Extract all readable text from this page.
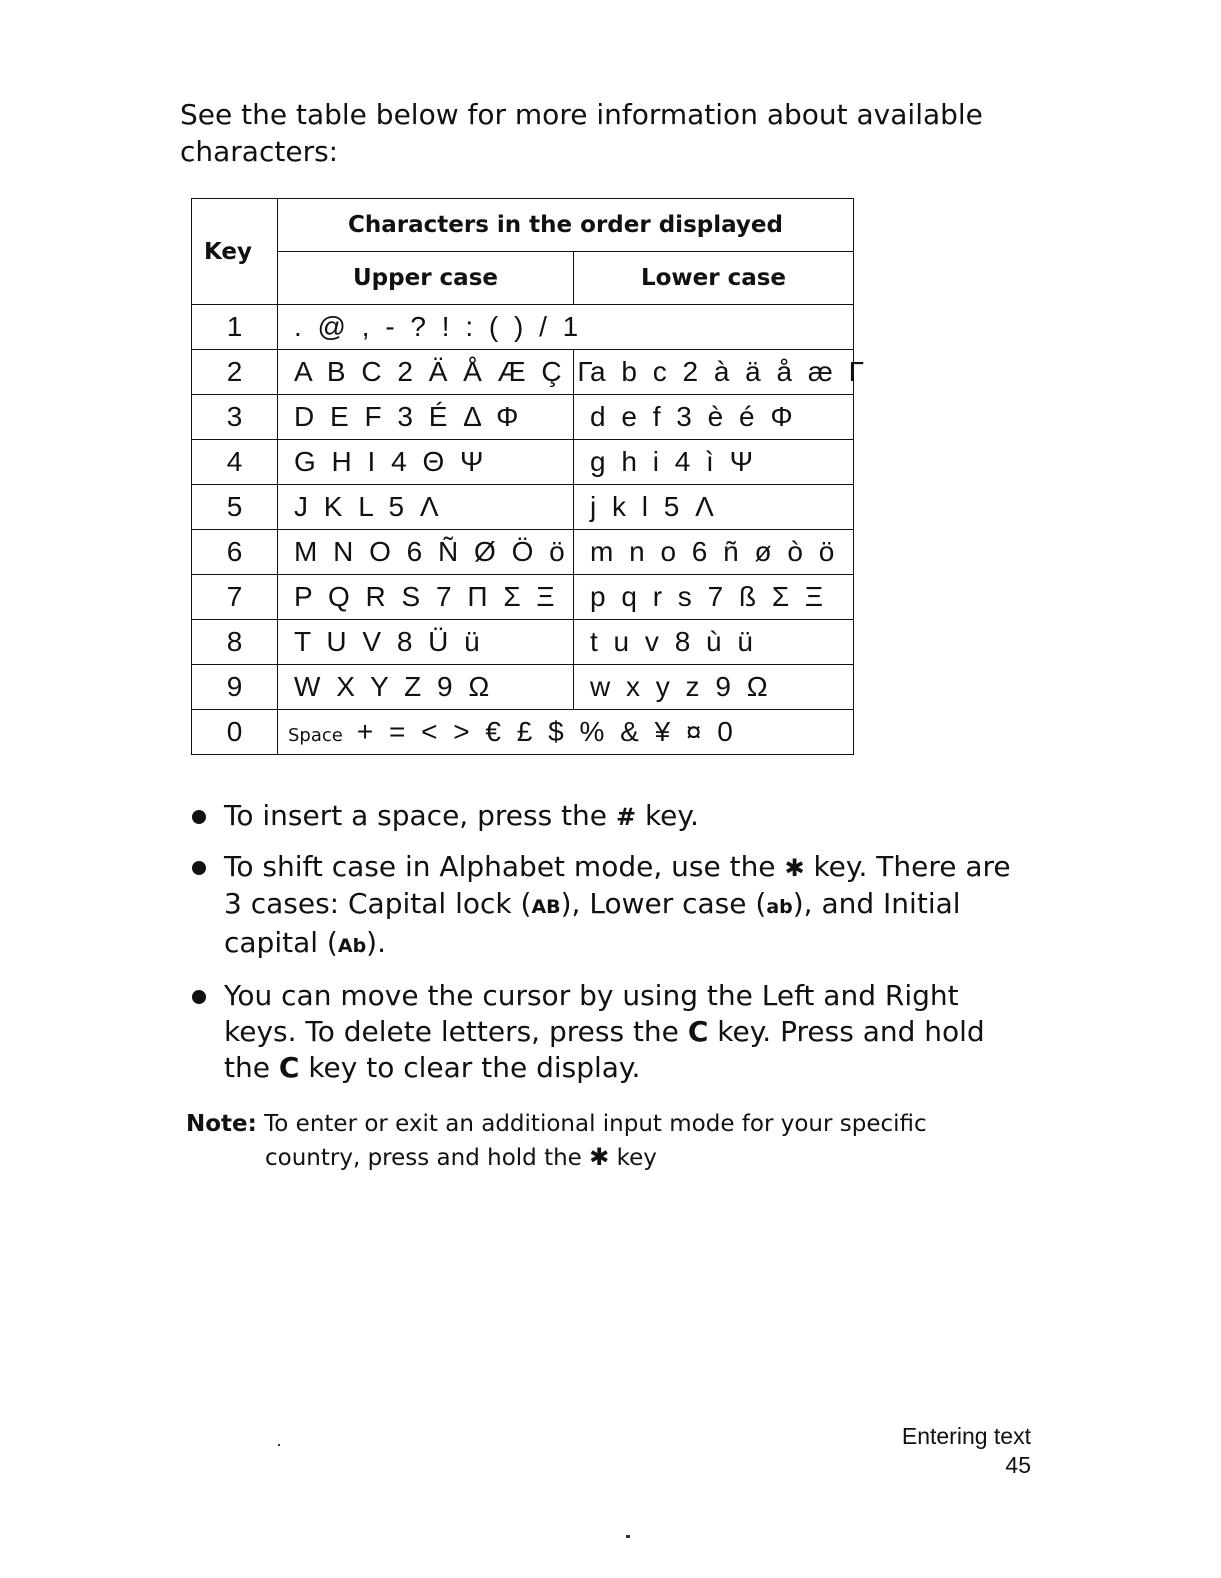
See the table below for more information about available characters:

Key	Characters in the order displayed	
	Upper case	Lower case
1	. @ , - ? ! : ( ) / 1	
2	A B C 2 Ä Å Æ Ç Γ	a b c 2 à ä å æ Γ
3	D E F 3 É Δ Φ	d e f 3 è é Φ
4	G H I 4 Θ Ψ	g h i 4 ì Ψ
5	J K L 5 Λ	j k l 5 Λ
6	M N O 6 Ñ Ø Ö ö	m n o 6 ñ ø ò ö
7	P Q R S 7 Π Σ Ξ	p q r s 7 ß Σ Ξ
8	T U V 8 Ü ü	t u v 8 ù ü
9	W X Y Z 9 Ω	w x y z 9 Ω
0	Space + = < > € £ $ % & ¥ ¤ 0	
To insert a space, press the # key.
To shift case in Alphabet mode, use the ✱ key. There are 3 cases: Capital lock (AB), Lower case (ab), and Initial capital (Ab).
You can move the cursor by using the Left and Right keys. To delete letters, press the C key. Press and hold the C key to clear the display.
Note: To enter or exit an additional input mode for your specific
country, press and hold the ✱ key
Entering text
45
